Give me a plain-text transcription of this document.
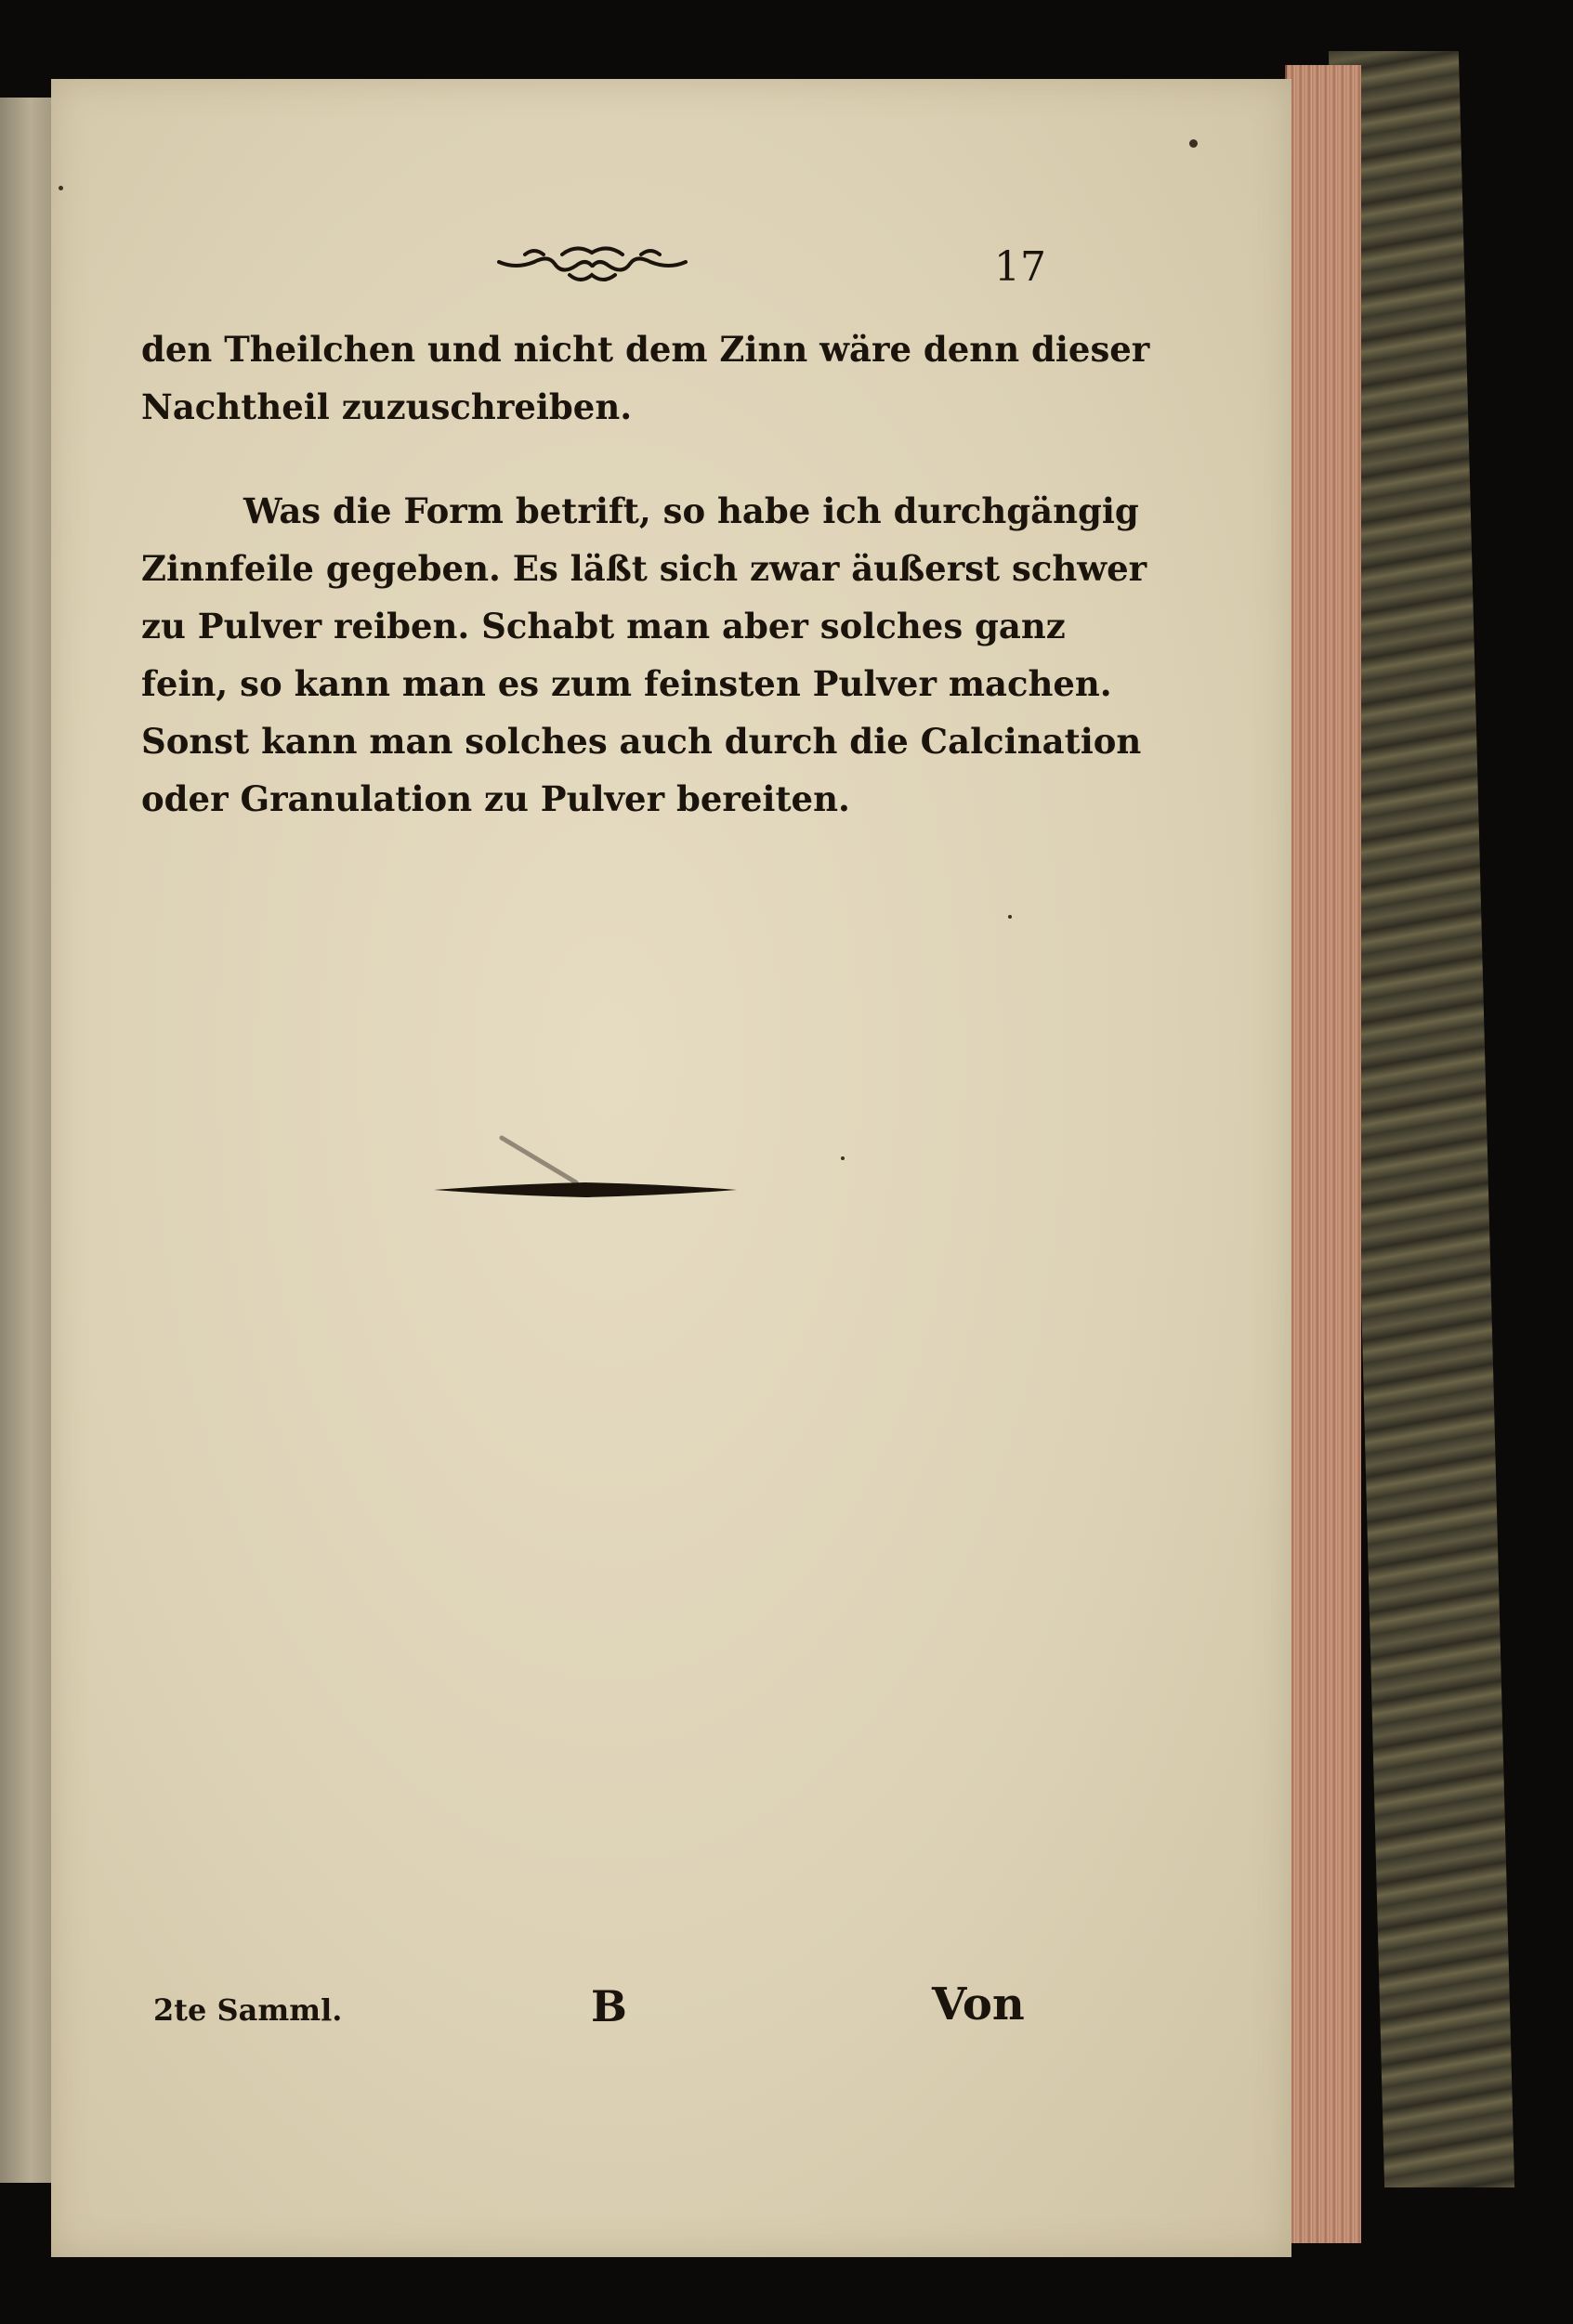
17
den Theilchen und nicht dem Zinn wäre denn dieser
Nachtheil zuzuschreiben.
Was die Form betrift, so habe ich durchgängig
Zinnfeile gegeben. Es läßt sich zwar äußerst schwer
zu Pulver reiben. Schabt man aber solches ganz
fein, so kann man es zum feinsten Pulver machen.
Sonst kann man solches auch durch die Calcination
oder Granulation zu Pulver bereiten.
2te Samml.	B	Von
